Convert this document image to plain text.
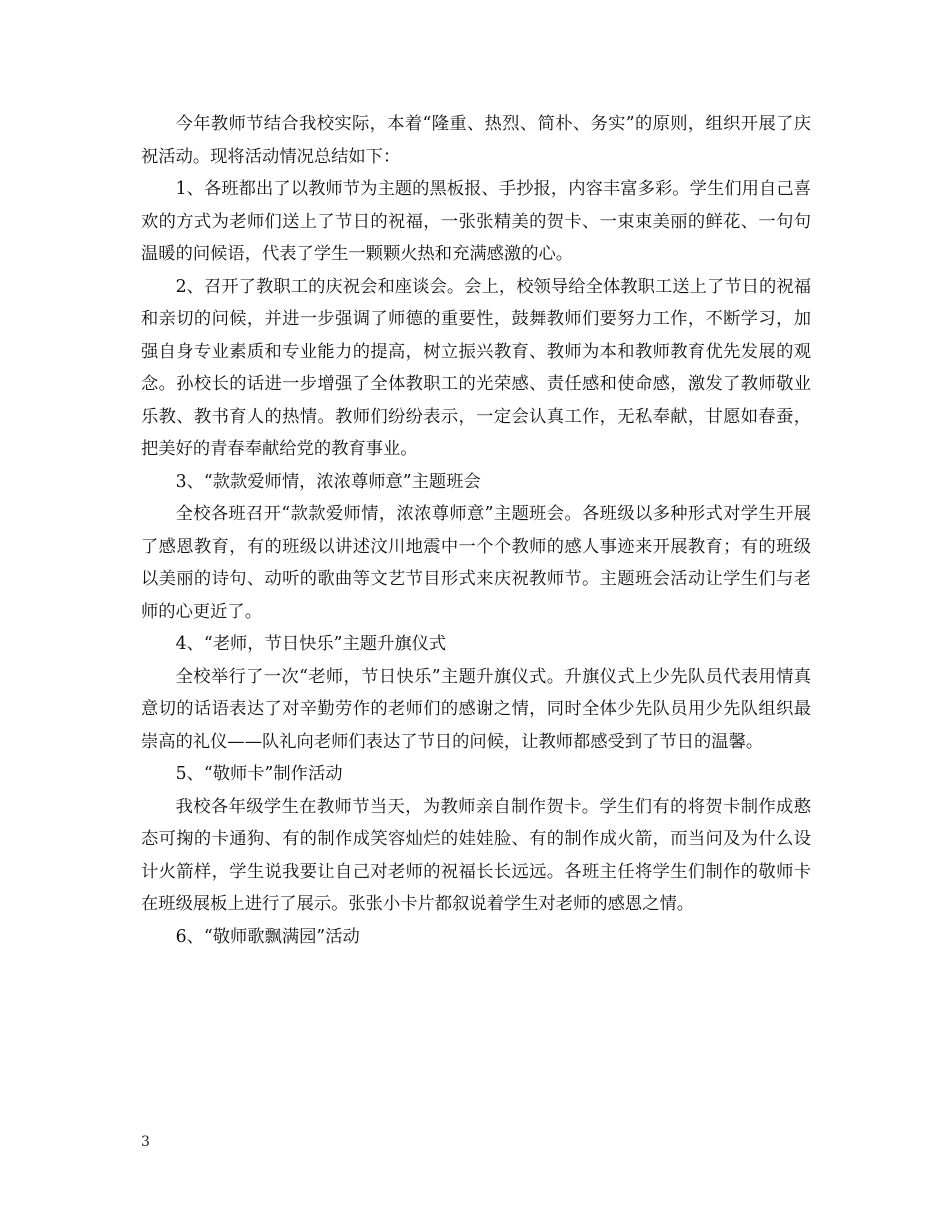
今年教师节结合我校实际，本着“隆重、热烈、简朴、务实”的原则，组织开展了庆祝活动。现将活动情况总结如下：

1、各班都出了以教师节为主题的黑板报、手抄报，内容丰富多彩。学生们用自己喜欢的方式为老师们送上了节日的祝福，一张张精美的贺卡、一束束美丽的鲜花、一句句温暖的问候语，代表了学生一颗颗火热和充满感激的心。

2、召开了教职工的庆祝会和座谈会。会上，校领导给全体教职工送上了节日的祝福和亲切的问候，并进一步强调了师德的重要性，鼓舞教师们要努力工作，不断学习，加强自身专业素质和专业能力的提高，树立振兴教育、教师为本和教师教育优先发展的观念。孙校长的话进一步增强了全体教职工的光荣感、责任感和使命感，激发了教师敬业乐教、教书育人的热情。教师们纷纷表示，一定会认真工作，无私奉献，甘愿如春蚕，把美好的青春奉献给党的教育事业。

3、“款款爱师情，浓浓尊师意”主题班会

全校各班召开“款款爱师情，浓浓尊师意”主题班会。各班级以多种形式对学生开展了感恩教育，有的班级以讲述汶川地震中一个个教师的感人事迹来开展教育；有的班级以美丽的诗句、动听的歌曲等文艺节目形式来庆祝教师节。主题班会活动让学生们与老师的心更近了。

4、“老师，节日快乐”主题升旗仪式

全校举行了一次“老师，节日快乐”主题升旗仪式。升旗仪式上少先队员代表用情真意切的话语表达了对辛勤劳作的老师们的感谢之情，同时全体少先队员用少先队组织最崇高的礼仪——队礼向老师们表达了节日的问候，让教师都感受到了节日的温馨。

5、“敬师卡”制作活动

我校各年级学生在教师节当天，为教师亲自制作贺卡。学生们有的将贺卡制作成憨态可掬的卡通狗、有的制作成笑容灿烂的娃娃脸、有的制作成火箭，而当问及为什么设计火箭样，学生说我要让自己对老师的祝福长长远远。各班主任将学生们制作的敬师卡在班级展板上进行了展示。张张小卡片都叙说着学生对老师的感恩之情。

6、“敬师歌飘满园”活动

3
